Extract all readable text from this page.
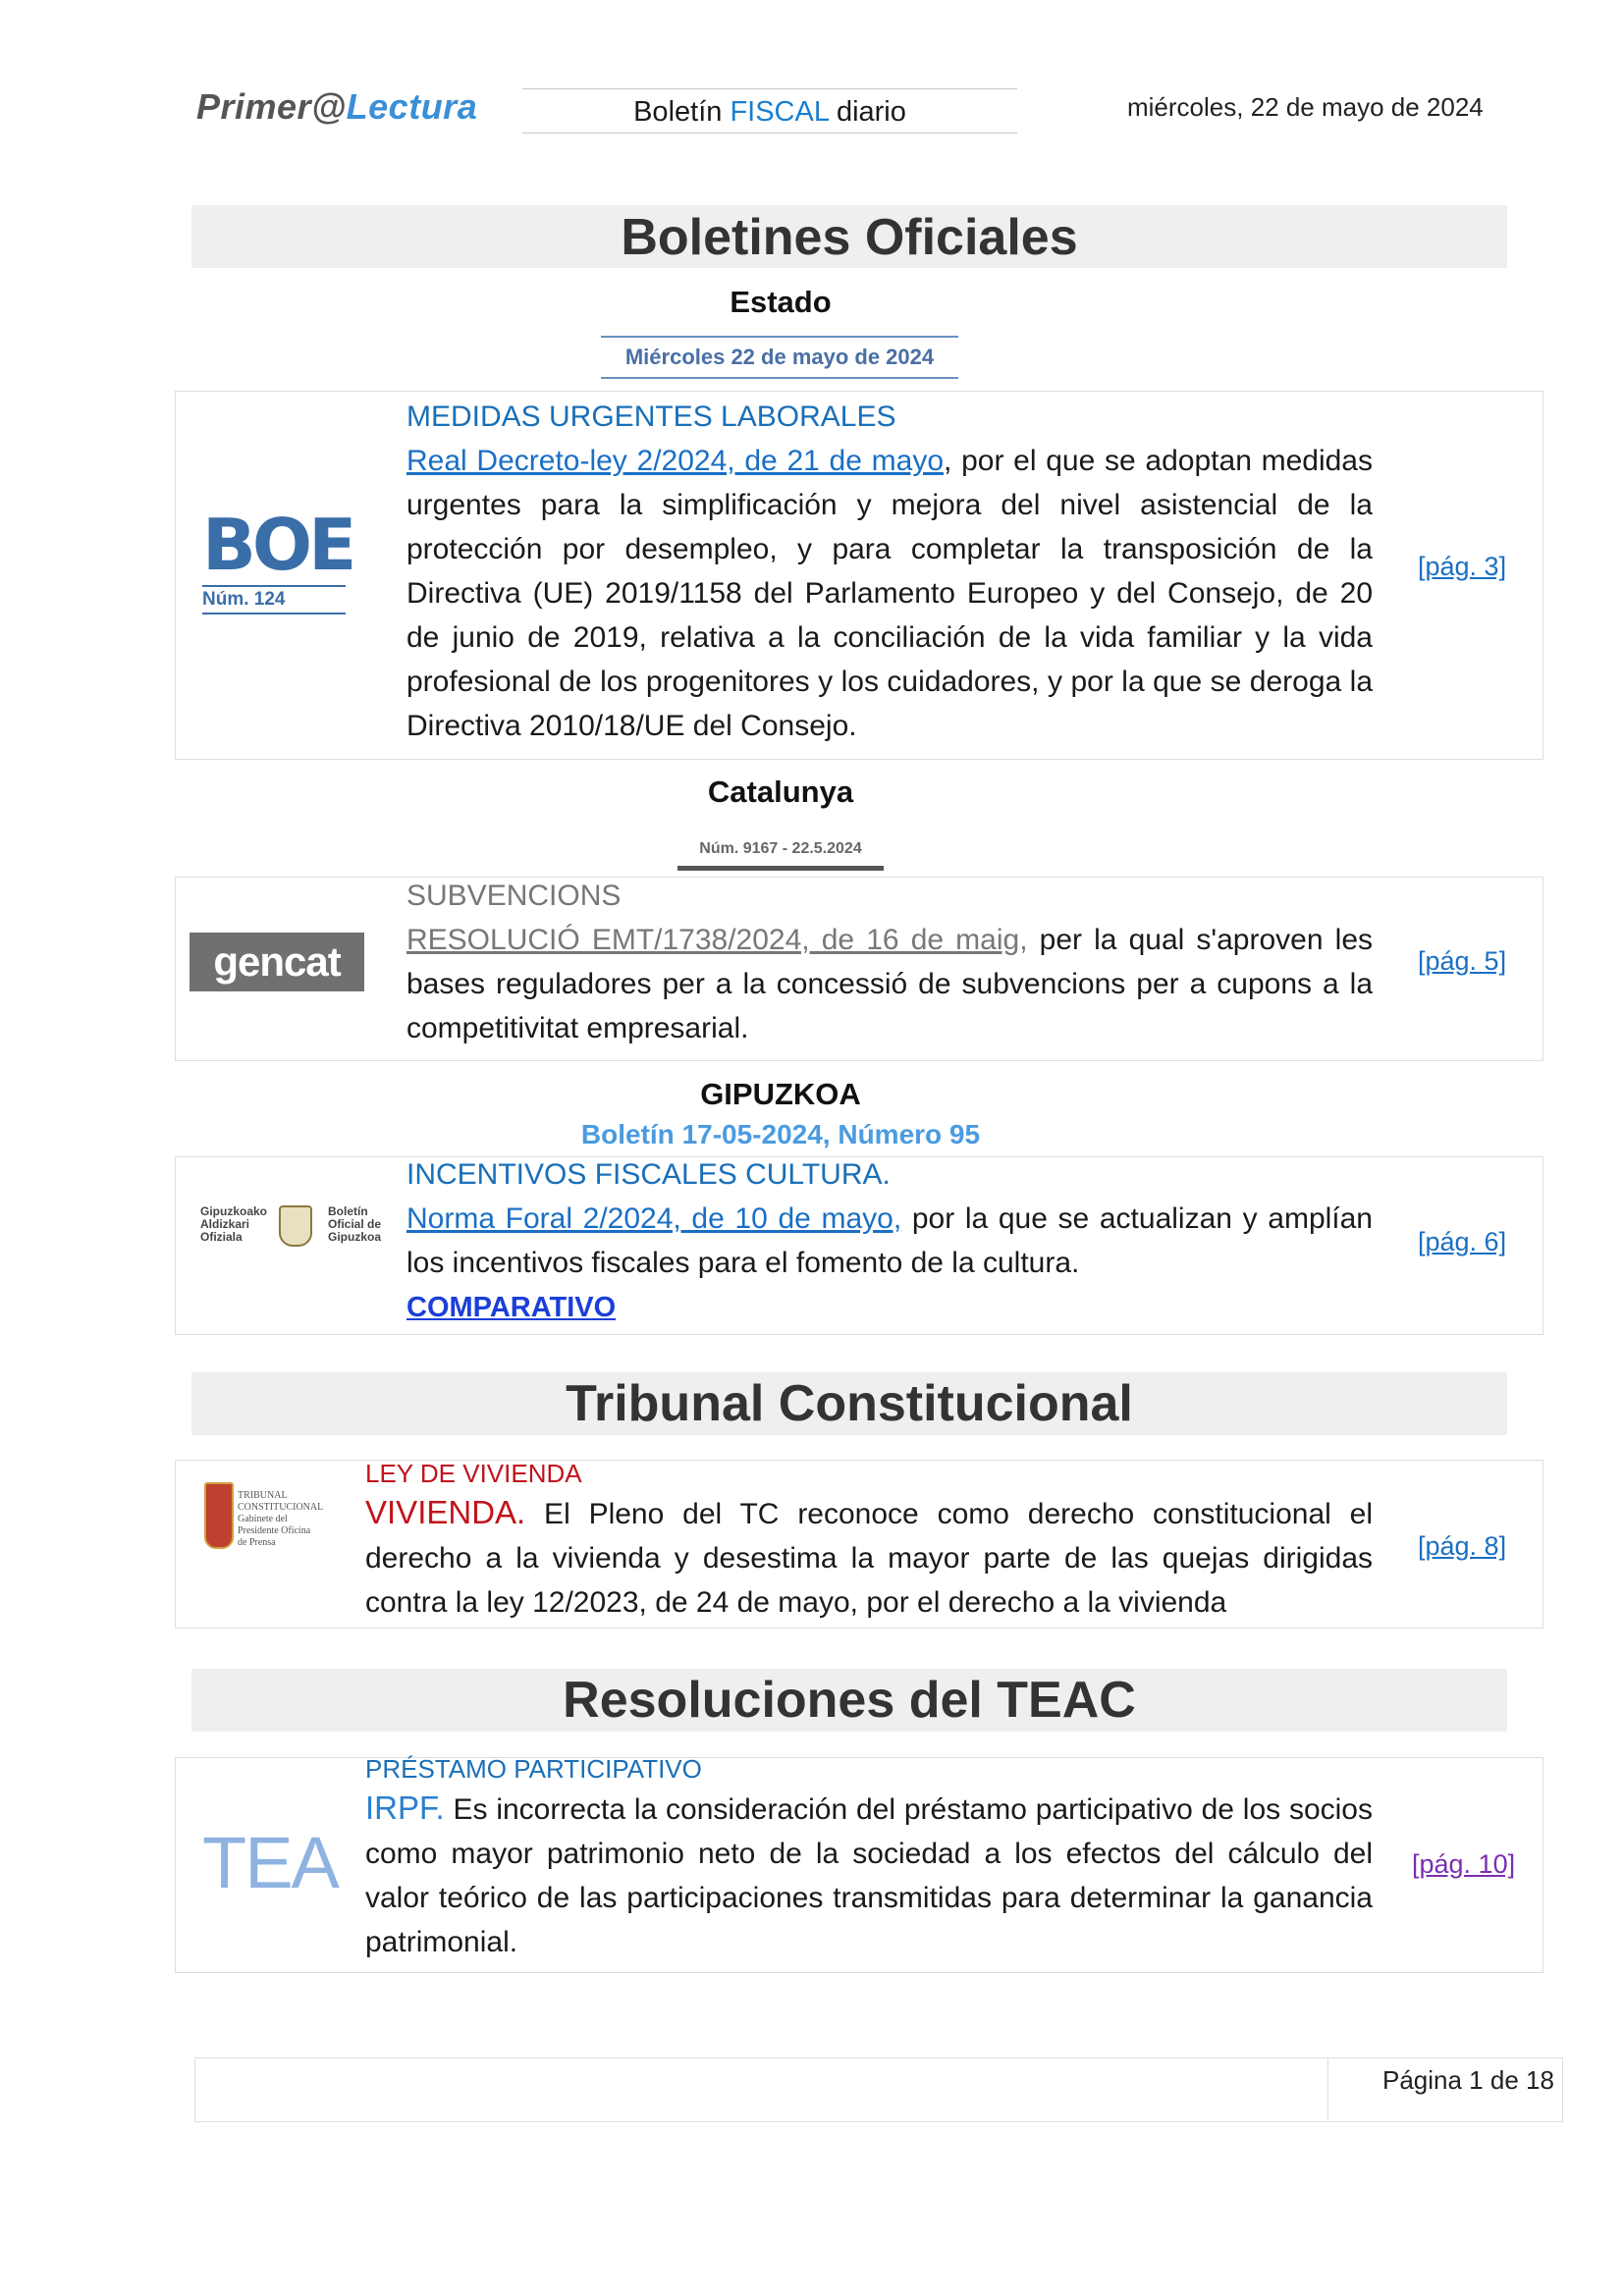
Primer@Lectura	Boletín FISCAL diario	miércoles, 22 de mayo de 2024
Boletines Oficiales
Estado
Miércoles 22 de mayo de 2024
BOE
Núm. 124
MEDIDAS URGENTES LABORALES
Real Decreto-ley 2/2024, de 21 de mayo, por el que se adoptan medidas urgentes para la simplificación y mejora del nivel asistencial de la protección por desempleo, y para completar la transposición de la Directiva (UE) 2019/1158 del Parlamento Europeo y del Consejo, de 20 de junio de 2019, relativa a la conciliación de la vida familiar y la vida profesional de los progenitores y los cuidadores, y por la que se deroga la Directiva 2010/18/UE del Consejo.
[pág. 3]
Catalunya
Núm. 9167 - 22.5.2024
gencat
SUBVENCIONS
RESOLUCIÓ EMT/1738/2024, de 16 de maig, per la qual s'aproven les bases reguladores per a la concessió de subvencions per a cupons a la competitivitat empresarial.
[pág. 5]
GIPUZKOA
Boletín 17-05-2024, Número 95
Gipuzkoako Aldizkari Ofiziala
Boletín Oficial de Gipuzkoa
INCENTIVOS FISCALES CULTURA.
Norma Foral 2/2024, de 10 de mayo, por la que se actualizan y amplían los incentivos fiscales para el fomento de la cultura.
COMPARATIVO
[pág. 6]
Tribunal Constitucional
TRIBUNAL CONSTITUCIONAL Gabinete del Presidente Oficina de Prensa
LEY DE VIVIENDA
VIVIENDA. El Pleno del TC reconoce como derecho constitucional el derecho a la vivienda y desestima la mayor parte de las quejas dirigidas contra la ley 12/2023, de 24 de mayo, por el derecho a la vivienda
[pág. 8]
Resoluciones del TEAC
TEA
PRÉSTAMO PARTICIPATIVO
IRPF. Es incorrecta la consideración del préstamo participativo de los socios como mayor patrimonio neto de la sociedad a los efectos del cálculo del valor teórico de las participaciones transmitidas para determinar la ganancia patrimonial.
[pág. 10]
Página 1 de 18
